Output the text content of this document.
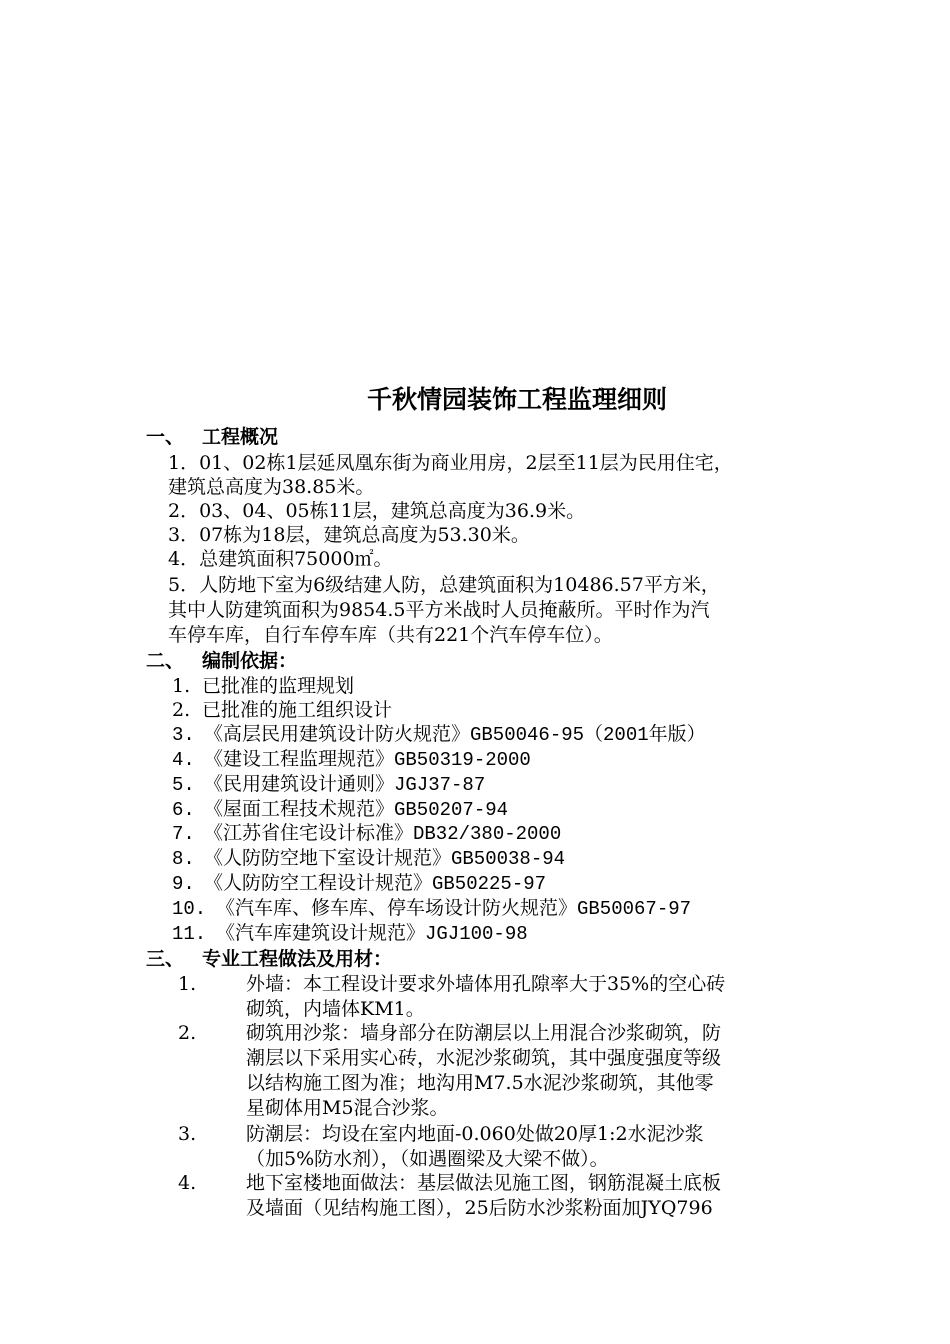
千秋情园装饰工程监理细则
一、 工程概况
1．01、02栋1层延凤凰东街为商业用房，2层至11层为民用住宅，
建筑总高度为38.85米。
2．03、04、05栋11层，建筑总高度为36.9米。
3．07栋为18层，建筑总高度为53.30米。
4．总建筑面积75000㎡。
5．人防地下室为6级结建人防，总建筑面积为10486.57平方米，
其中人防建筑面积为9854.5平方米战时人员掩蔽所。平时作为汽
车停车库，自行车停车库（共有221个汽车停车位）。
二、 编制依据：
1. 已批准的监理规划
2. 已批准的施工组织设计
3. 《高层民用建筑设计防火规范》GB50046-95（2001年版）
4. 《建设工程监理规范》GB50319-2000
5. 《民用建筑设计通则》JGJ37-87
6. 《屋面工程技术规范》GB50207-94
7. 《江苏省住宅设计标准》DB32/380-2000
8. 《人防防空地下室设计规范》GB50038-94
9. 《人防防空工程设计规范》GB50225-97
10. 《汽车库、修车库、停车场设计防火规范》GB50067-97
11. 《汽车库建筑设计规范》JGJ100-98
三、 专业工程做法及用材：
1.	外墙：本工程设计要求外墙体用孔隙率大于35%的空心砖
砌筑，内墙体KM1。
2.	砌筑用沙浆：墙身部分在防潮层以上用混合沙浆砌筑，防
潮层以下采用实心砖，水泥沙浆砌筑，其中强度强度等级
以结构施工图为准；地沟用M7.5水泥沙浆砌筑，其他零
星砌体用M5混合沙浆。
3.	防潮层：均设在室内地面-0.060处做20厚1:2水泥沙浆
（加5%防水剂），（如遇圈梁及大梁不做）。
4.	地下室楼地面做法：基层做法见施工图，钢筋混凝土底板
及墙面（见结构施工图），25后防水沙浆粉面加JYQ796
